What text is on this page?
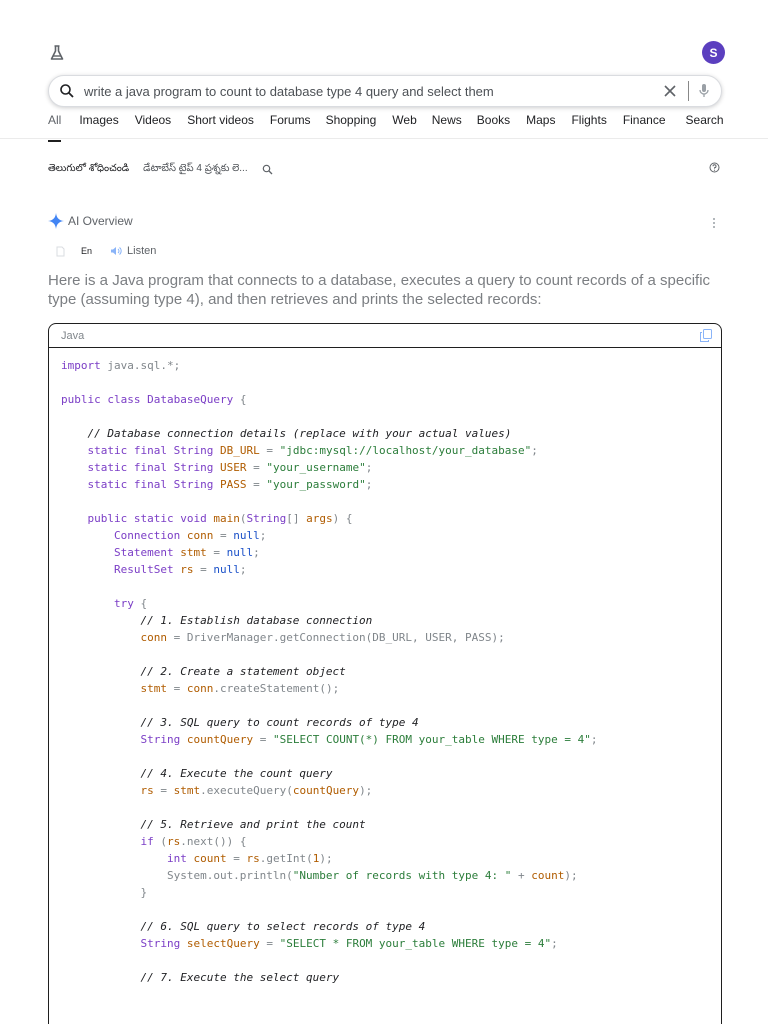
S
write a java program to count to database type 4 query and select them
All Images Videos Short videos Forums Shopping Web News Books Maps Flights Finance Search
తెలుగులో శోధించండి డేటాబేస్ టైప్ 4 ప్రశ్నకు లె...
AI Overview
En	Listen
Here is a Java program that connects to a database, executes a query to count records of a specific type (assuming type 4), and then retrieves and prints the selected records:
Java
import java.sql.*;

public class DatabaseQuery {

// Database connection details (replace with your actual values)
static final String DB_URL = "jdbc:mysql://localhost/your_database";
static final String USER = "your_username";
static final String PASS = "your_password";

public static void main(String[] args) {
Connection conn = null;
Statement stmt = null;
ResultSet rs = null;

try {
// 1. Establish database connection
conn = DriverManager.getConnection(DB_URL, USER, PASS);

// 2. Create a statement object
stmt = conn.createStatement();

// 3. SQL query to count records of type 4
String countQuery = "SELECT COUNT(*) FROM your_table WHERE type = 4";

// 4. Execute the count query
rs = stmt.executeQuery(countQuery);

// 5. Retrieve and print the count
if (rs.next()) {
int count = rs.getInt(1);
System.out.println("Number of records with type 4: " + count);
}

// 6. SQL query to select records of type 4
String selectQuery = "SELECT * FROM your_table WHERE type = 4";

// 7. Execute the select query
